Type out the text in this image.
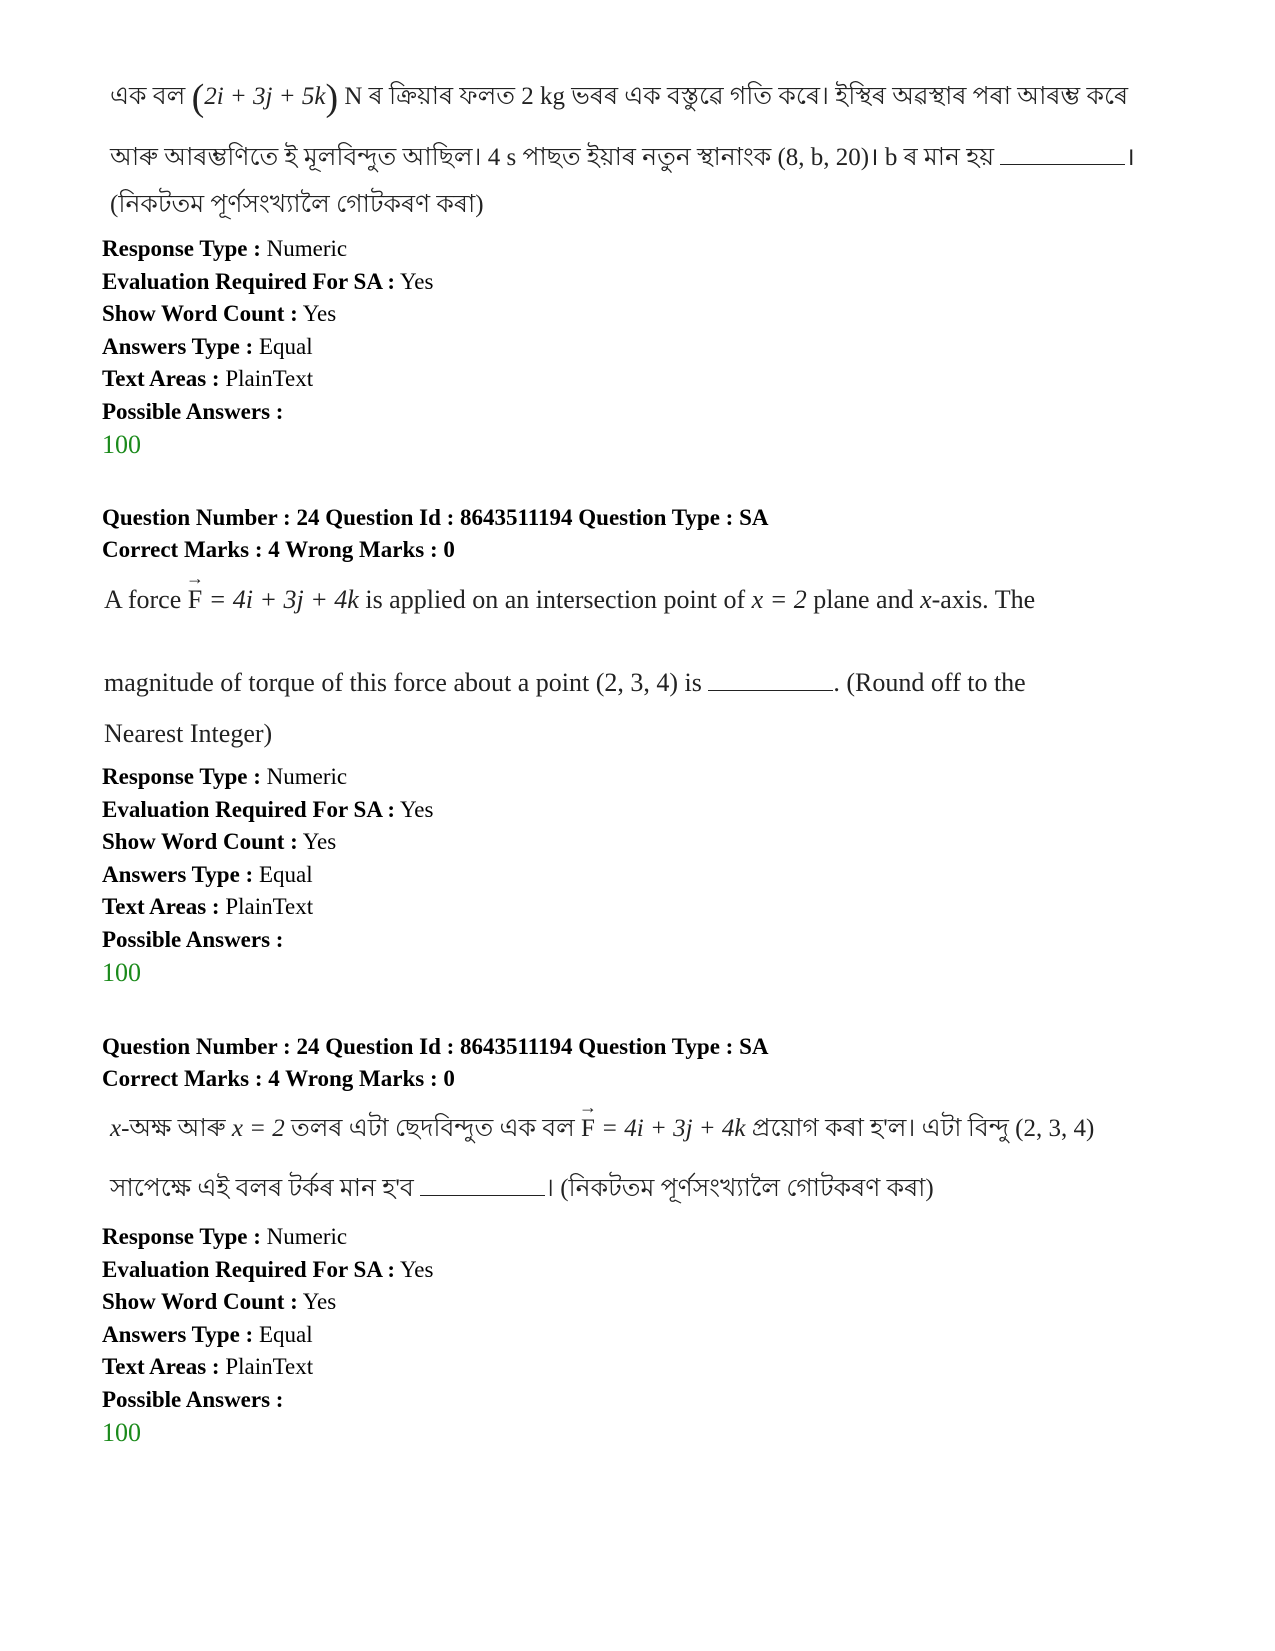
এক বল (2i + 3j + 5k) N ৰ ক্ৰিয়াৰ ফলত 2 kg ভৰৰ এক বস্তুৱে গতি কৰে। ইস্থিৰ অৱস্থাৰ পৰা আৰম্ভ কৰে
আৰু আৰম্ভণিতে ই মূলবিন্দুত আছিল। 4 s পাছত ইয়াৰ নতুন স্থানাংক (8, b, 20)। b ৰ মান হয়	।
(নিকটতম পূৰ্ণসংখ্যালৈ গোটকৰণ কৰা)
Response Type : Numeric
Evaluation Required For SA : Yes
Show Word Count : Yes
Answers Type : Equal
Text Areas : PlainText
Possible Answers :
100
Question Number : 24 Question Id : 8643511194 Question Type : SA
Correct Marks : 4 Wrong Marks : 0
A force → F = 4i + 3j + 4k is applied on an intersection point of x = 2 plane and x-axis. The
magnitude of torque of this force about a point (2, 3, 4) is	. (Round off to the
Nearest Integer)
Response Type : Numeric
Evaluation Required For SA : Yes
Show Word Count : Yes
Answers Type : Equal
Text Areas : PlainText
Possible Answers :
100
Question Number : 24 Question Id : 8643511194 Question Type : SA
Correct Marks : 4 Wrong Marks : 0
x-অক্ষ আৰু x = 2 তলৰ এটা ছেদবিন্দুত এক বল → F = 4i + 3j + 4k প্ৰয়োগ কৰা হ'ল। এটা বিন্দু (2, 3, 4)
সাপেক্ষে এই বলৰ টৰ্কৰ মান হ'ব	। (নিকটতম পূৰ্ণসংখ্যালৈ গোটকৰণ কৰা)
Response Type : Numeric
Evaluation Required For SA : Yes
Show Word Count : Yes
Answers Type : Equal
Text Areas : PlainText
Possible Answers :
100
